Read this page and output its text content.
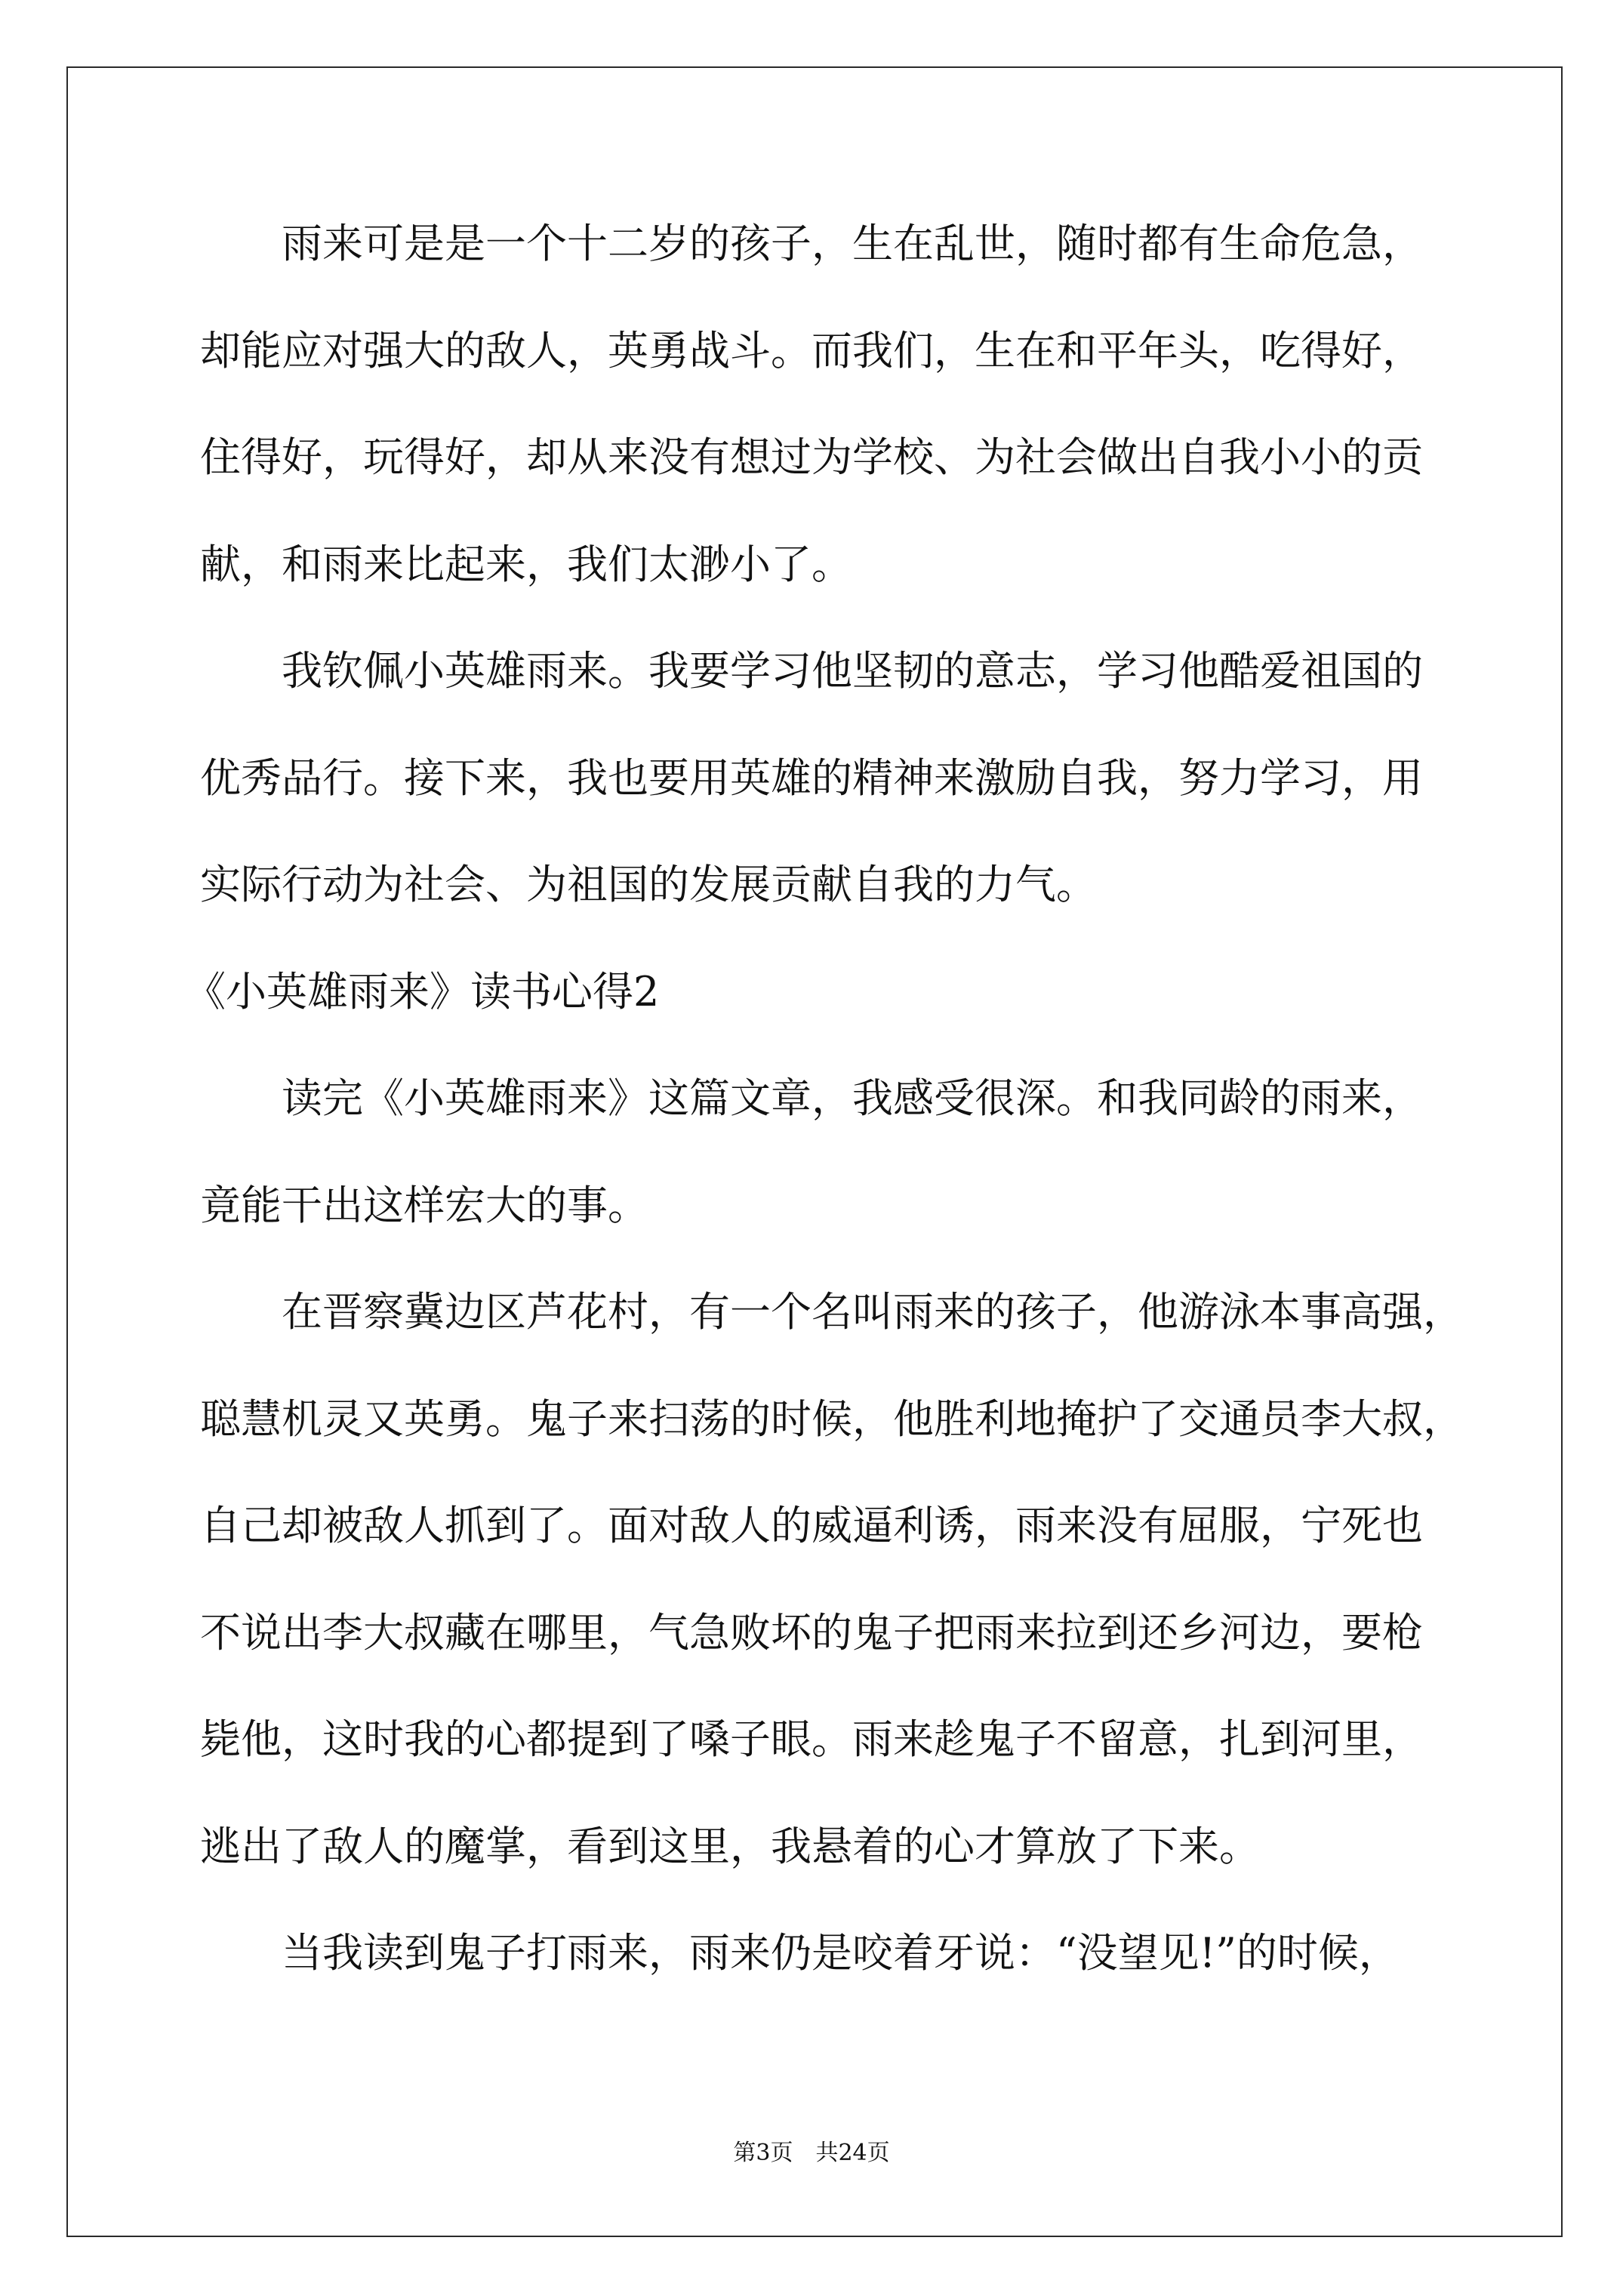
雨来可是是一个十二岁的孩子，生在乱世，随时都有生命危急，
却能应对强大的敌人，英勇战斗。而我们，生在和平年头，吃得好，
住得好，玩得好，却从来没有想过为学校、为社会做出自我小小的贡
献，和雨来比起来，我们太渺小了。
我钦佩小英雄雨来。我要学习他坚韧的意志，学习他酷爱祖国的
优秀品行。接下来，我也要用英雄的精神来激励自我，努力学习，用
实际行动为社会、为祖国的发展贡献自我的力气。
《小英雄雨来》读书心得2
读完《小英雄雨来》这篇文章，我感受很深。和我同龄的雨来，
竟能干出这样宏大的事。
在晋察冀边区芦花村，有一个名叫雨来的孩子，他游泳本事高强，
聪慧机灵又英勇。鬼子来扫荡的时候，他胜利地掩护了交通员李大叔，
自己却被敌人抓到了。面对敌人的威逼利诱，雨来没有屈服，宁死也
不说出李大叔藏在哪里，气急败坏的鬼子把雨来拉到还乡河边，要枪
毙他，这时我的心都提到了嗓子眼。雨来趁鬼子不留意，扎到河里，
逃出了敌人的魔掌，看到这里，我悬着的心才算放了下来。
当我读到鬼子打雨来，雨来仍是咬着牙说：“没望见!”的时候，
第3页　共24页
